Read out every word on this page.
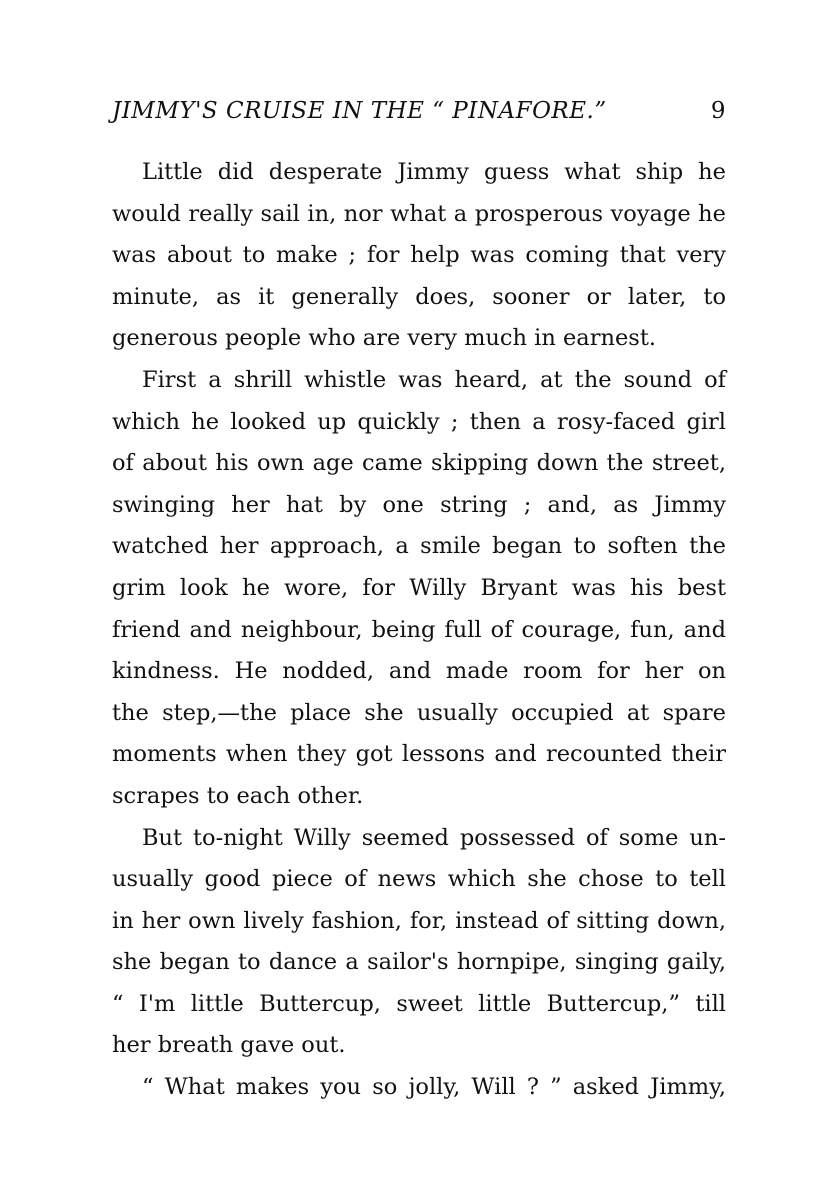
JIMMY'S CRUISE IN THE “ PINAFORE.”	9

Little did desperate Jimmy guess what ship he
would really sail in, nor what a prosperous voyage he
was about to make ; for help was coming that very
minute, as it generally does, sooner or later, to
generous people who are very much in earnest.

First a shrill whistle was heard, at the sound of
which he looked up quickly ; then a rosy-faced girl
of about his own age came skipping down the street,
swinging her hat by one string ; and, as Jimmy
watched her approach, a smile began to soften the
grim look he wore, for Willy Bryant was his best
friend and neighbour, being full of courage, fun, and
kindness. He nodded, and made room for her on
the step,—the place she usually occupied at spare
moments when they got lessons and recounted their
scrapes to each other.

But to-night Willy seemed possessed of some un-
usually good piece of news which she chose to tell
in her own lively fashion, for, instead of sitting down,
she began to dance a sailor's hornpipe, singing gaily,
“ I'm little Buttercup, sweet little Buttercup,” till
her breath gave out.

“ What makes you so jolly, Will ? ” asked Jimmy,
